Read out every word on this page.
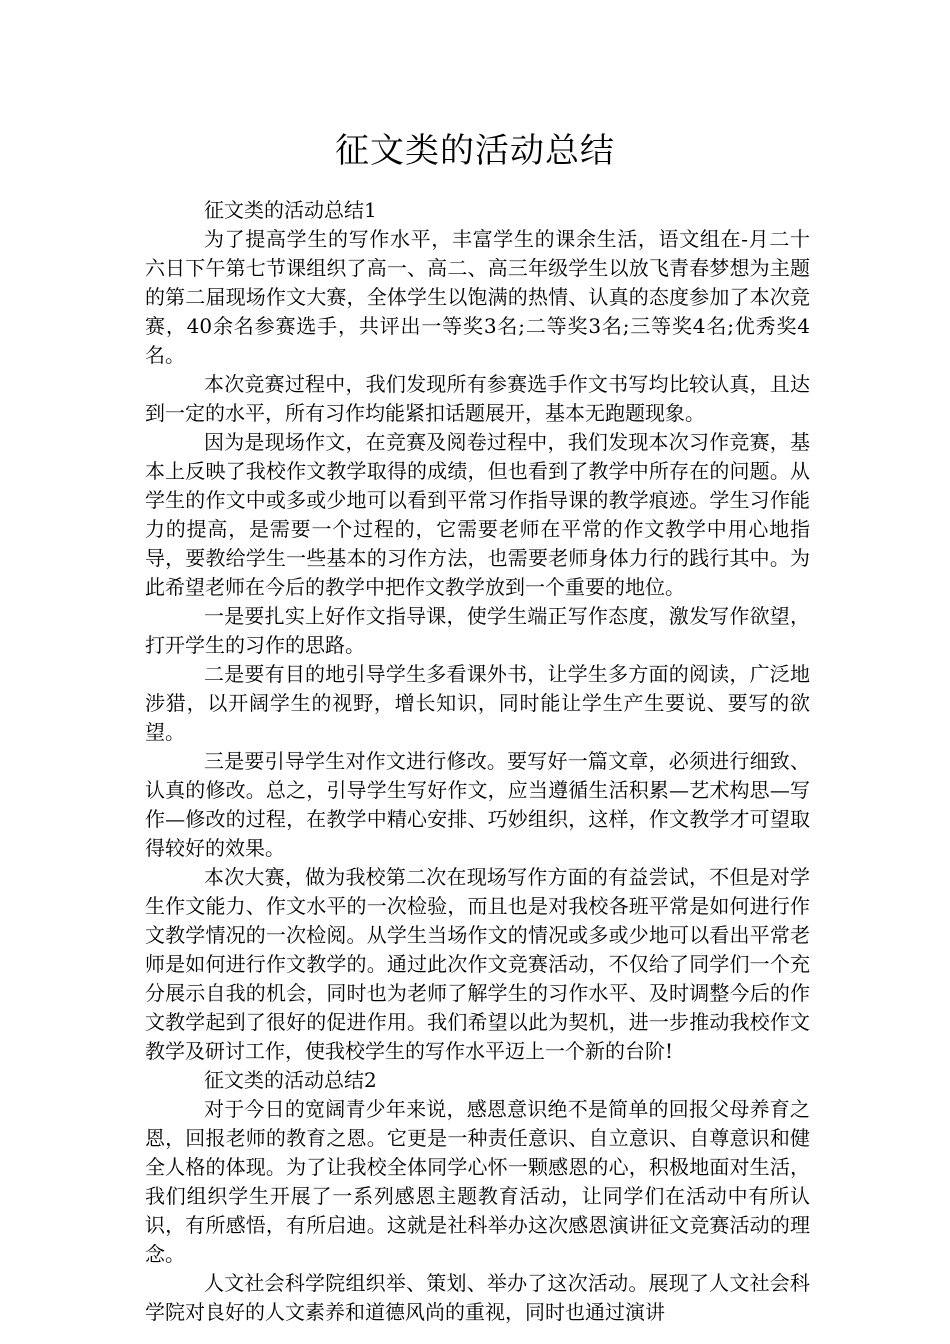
征文类的活动总结

征文类的活动总结1

为了提高学生的写作水平，丰富学生的课余生活，语文组在-月二十六日下午第七节课组织了高一、高二、高三年级学生以放飞青春梦想为主题的第二届现场作文大赛，全体学生以饱满的热情、认真的态度参加了本次竞赛，40余名参赛选手，共评出一等奖3名;二等奖3名;三等奖4名;优秀奖4名。

本次竞赛过程中，我们发现所有参赛选手作文书写均比较认真，且达到一定的水平，所有习作均能紧扣话题展开，基本无跑题现象。

因为是现场作文，在竞赛及阅卷过程中，我们发现本次习作竞赛，基本上反映了我校作文教学取得的成绩，但也看到了教学中所存在的问题。从学生的作文中或多或少地可以看到平常习作指导课的教学痕迹。学生习作能力的提高，是需要一个过程的，它需要老师在平常的作文教学中用心地指导，要教给学生一些基本的习作方法，也需要老师身体力行的践行其中。为此希望老师在今后的教学中把作文教学放到一个重要的地位。

一是要扎实上好作文指导课，使学生端正写作态度，激发写作欲望，打开学生的习作的思路。

二是要有目的地引导学生多看课外书，让学生多方面的阅读，广泛地涉猎，以开阔学生的视野，增长知识，同时能让学生产生要说、要写的欲望。

三是要引导学生对作文进行修改。要写好一篇文章，必须进行细致、认真的修改。总之，引导学生写好作文，应当遵循生活积累—艺术构思—写作—修改的过程，在教学中精心安排、巧妙组织，这样，作文教学才可望取得较好的效果。

本次大赛，做为我校第二次在现场写作方面的有益尝试，不但是对学生作文能力、作文水平的一次检验，而且也是对我校各班平常是如何进行作文教学情况的一次检阅。从学生当场作文的情况或多或少地可以看出平常老师是如何进行作文教学的。通过此次作文竞赛活动，不仅给了同学们一个充分展示自我的机会，同时也为老师了解学生的习作水平、及时调整今后的作文教学起到了很好的促进作用。我们希望以此为契机，进一步推动我校作文教学及研讨工作，使我校学生的写作水平迈上一个新的台阶!

征文类的活动总结2

对于今日的宽阔青少年来说，感恩意识绝不是简单的回报父母养育之恩，回报老师的教育之恩。它更是一种责任意识、自立意识、自尊意识和健全人格的体现。为了让我校全体同学心怀一颗感恩的心，积极地面对生活，我们组织学生开展了一系列感恩主题教育活动，让同学们在活动中有所认识，有所感悟，有所启迪。这就是社科举办这次感恩演讲征文竞赛活动的理念。

人文社会科学院组织举、策划、举办了这次活动。展现了人文社会科学院对良好的人文素养和道德风尚的重视，同时也通过演讲
